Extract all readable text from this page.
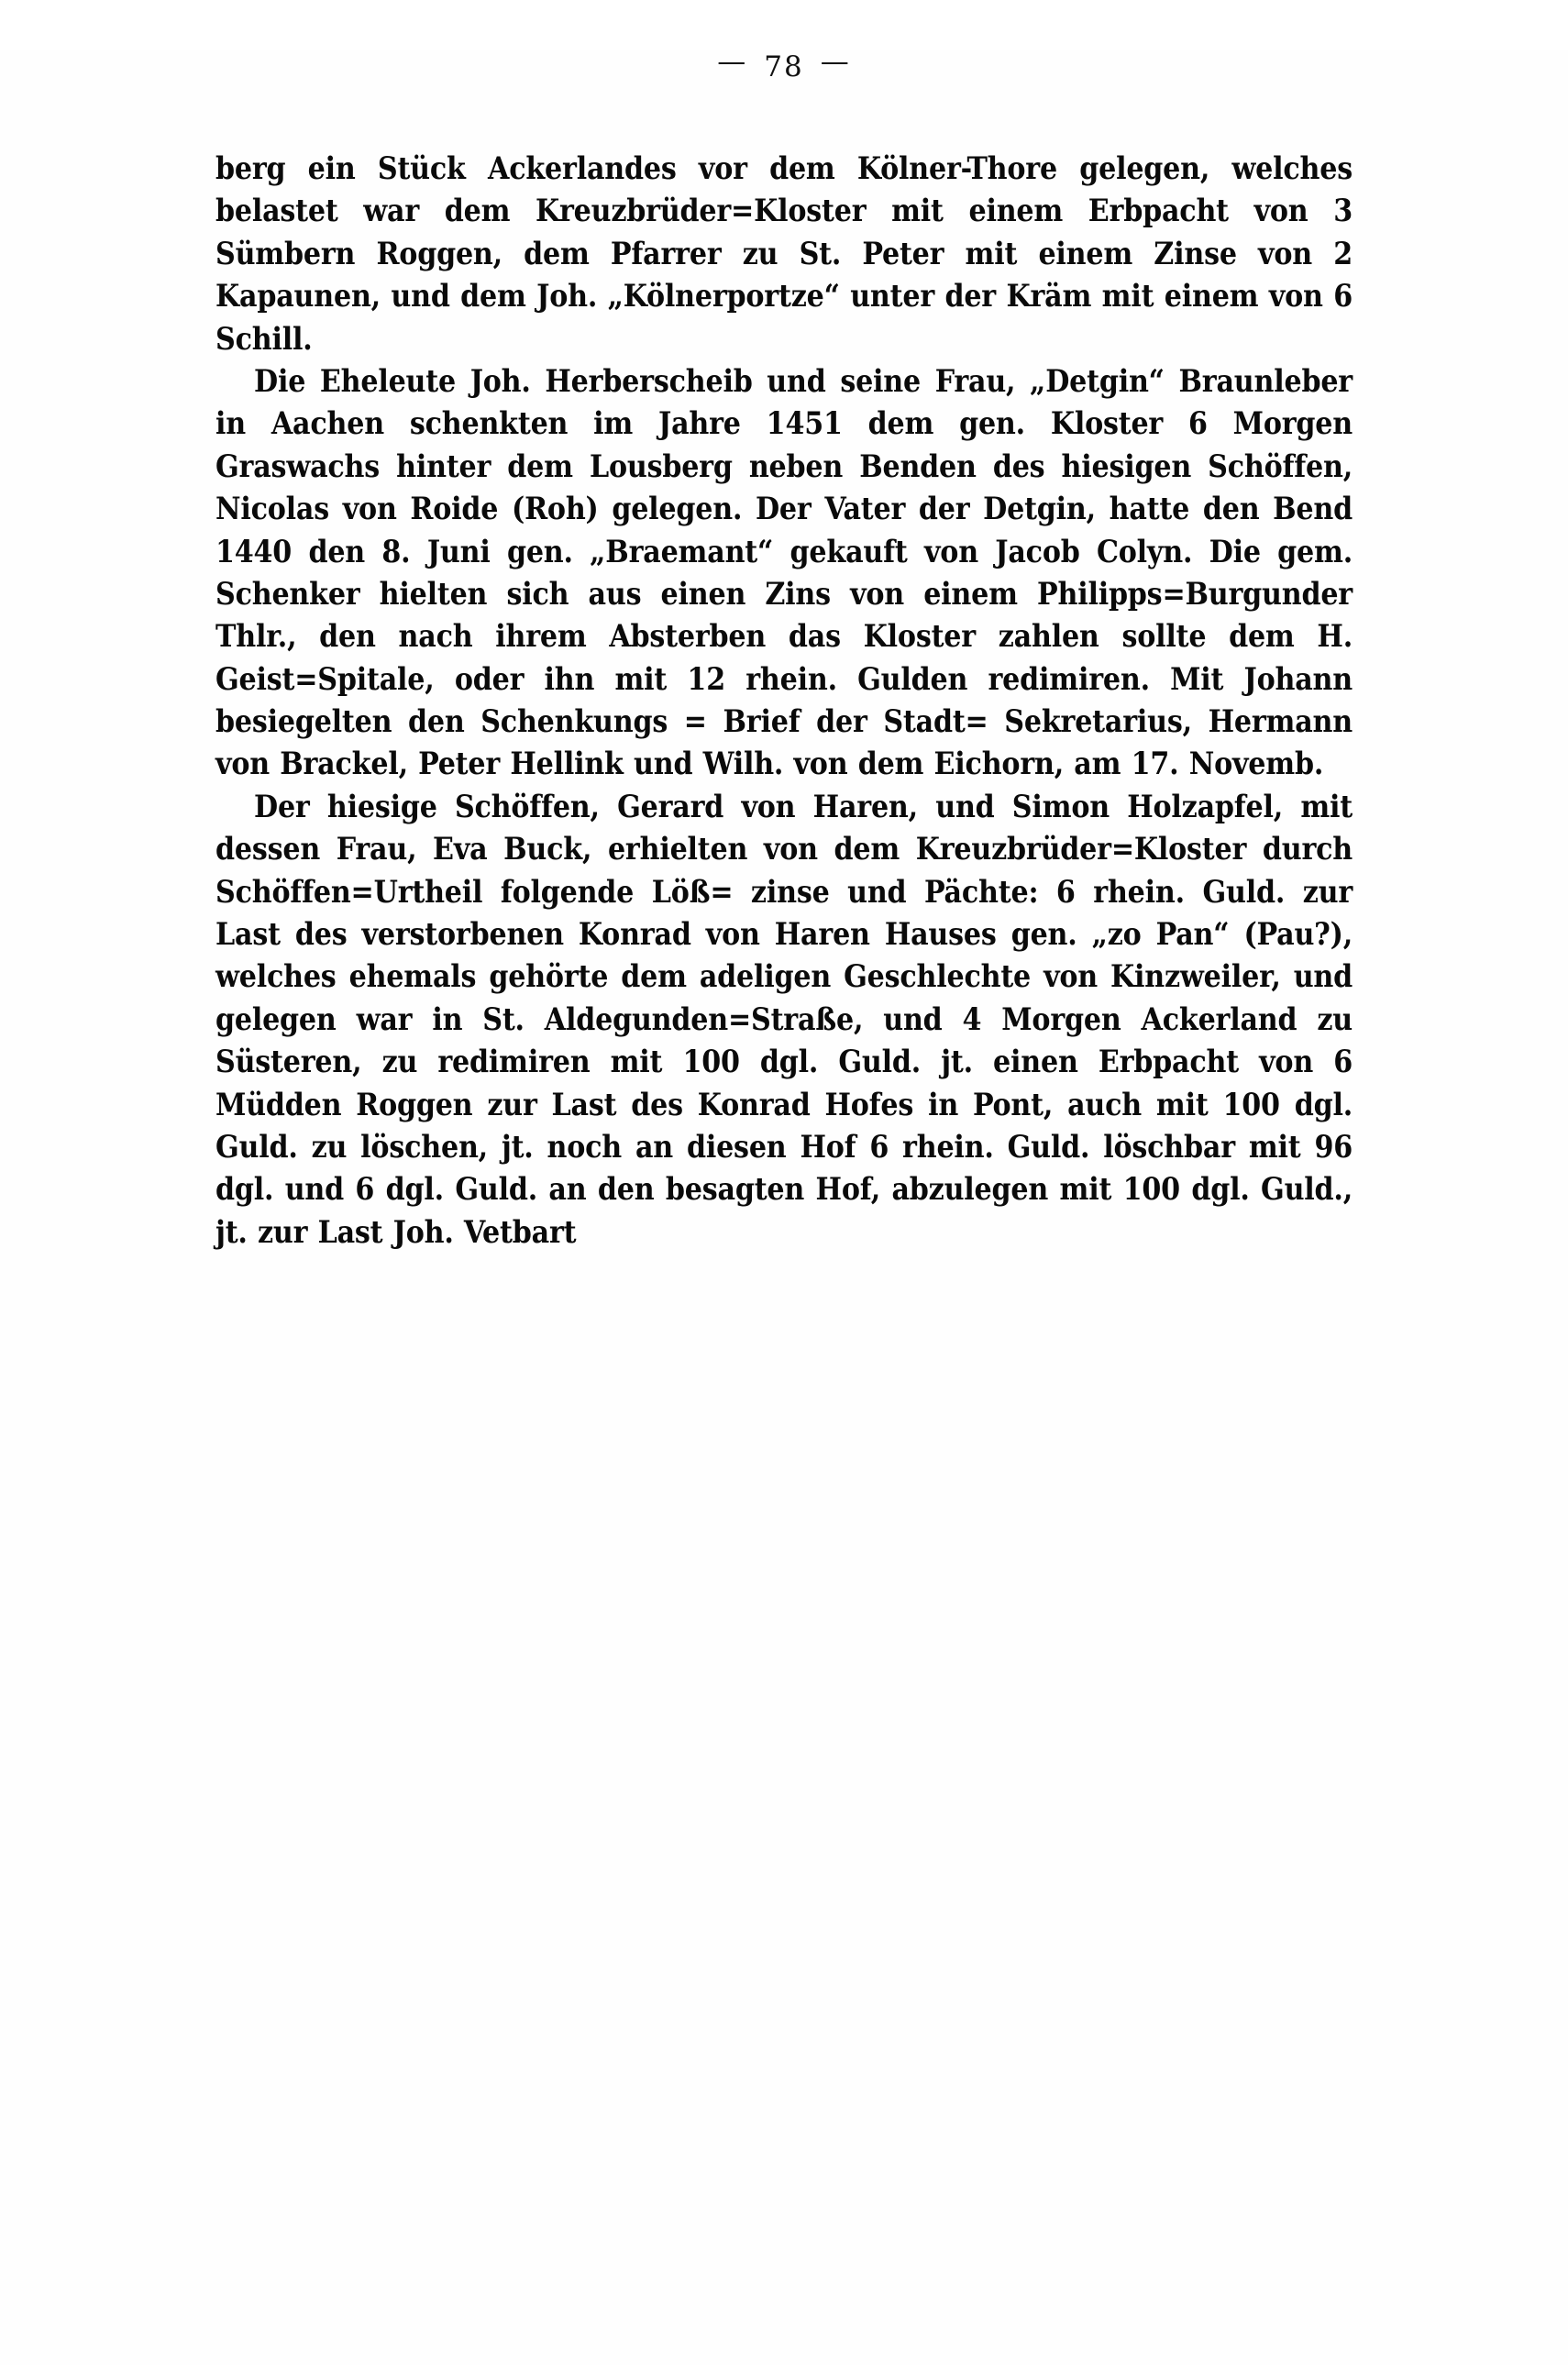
— 78 —

berg ein Stück Ackerlandes vor dem Kölner-Thore gelegen, welches belastet war dem Kreuzbrüder=Kloster mit einem Erbpacht von 3 Sümbern Roggen, dem Pfarrer zu St. Peter mit einem Zinse von 2 Kapaunen, und dem Joh. „Kölnerportze“ unter der Kräm mit einem von 6 Schill.

Die Eheleute Joh. Herberscheib und seine Frau, „Detgin“ Braunleber in Aachen schenkten im Jahre 1451 dem gen. Kloster 6 Morgen Graswachs hinter dem Lousberg neben Benden des hiesigen Schöffen, Nicolas von Roide (Roh) gelegen. Der Vater der Detgin, hatte den Bend 1440 den 8. Juni gen. „Braemant“ gekauft von Jacob Colyn. Die gem. Schenker hielten sich aus einen Zins von einem Philipps=Burgunder Thlr., den nach ihrem Absterben das Kloster zahlen sollte dem H. Geist=Spitale, oder ihn mit 12 rhein. Gulden redimiren. Mit Johann besiegelten den Schenkungs = Brief der Stadt= Sekretarius, Hermann von Brackel, Peter Hellink und Wilh. von dem Eichorn, am 17. Novemb.

Der hiesige Schöffen, Gerard von Haren, und Simon Holzapfel, mit dessen Frau, Eva Buck, erhielten von dem Kreuzbrüder=Kloster durch Schöffen=Urtheil folgende Löß= zinse und Pächte: 6 rhein. Guld. zur Last des verstorbenen Konrad von Haren Hauses gen. „zo Pan“ (Pau?), welches ehemals gehörte dem adeligen Geschlechte von Kinzweiler, und gelegen war in St. Aldegunden=Straße, und 4 Morgen Ackerland zu Süsteren, zu redimiren mit 100 dgl. Guld. jt. einen Erbpacht von 6 Müdden Roggen zur Last des Konrad Hofes in Pont, auch mit 100 dgl. Guld. zu löschen, jt. noch an diesen Hof 6 rhein. Guld. löschbar mit 96 dgl. und 6 dgl. Guld. an den besagten Hof, abzulegen mit 100 dgl. Guld., jt. zur Last Joh. Vetbart
